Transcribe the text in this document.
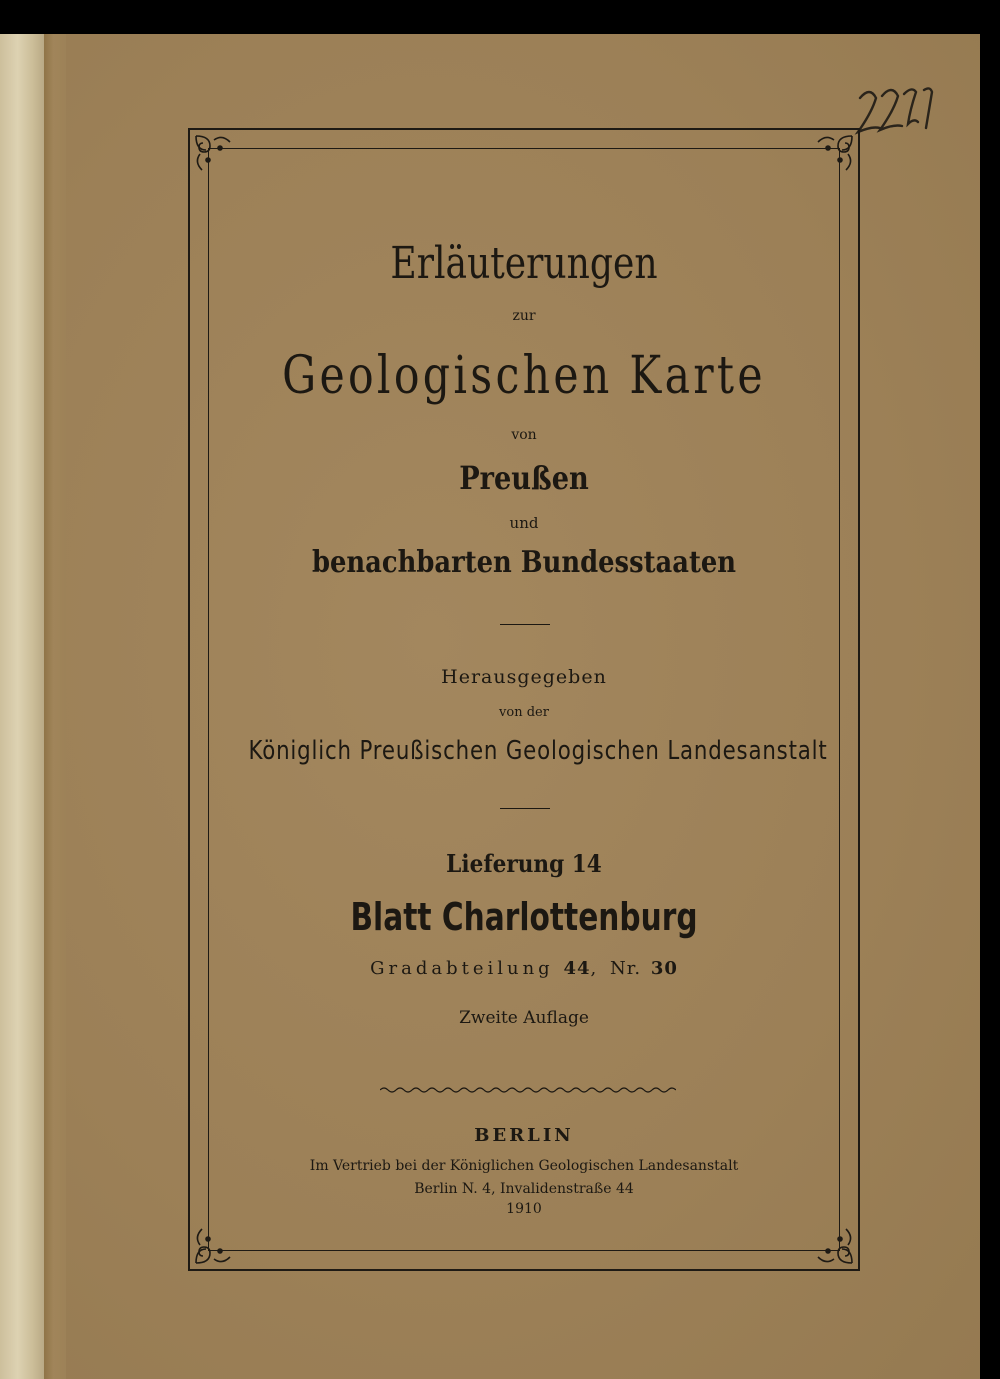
Erläuterungen

zur

Geologischen Karte

von

Preußen

und

benachbarten Bundesstaaten

Herausgegeben

von der

Königlich Preußischen Geologischen Landesanstalt

Lieferung 14

Blatt Charlottenburg

Gradabteilung 44, Nr. 30

Zweite Auflage

BERLIN

Im Vertrieb bei der Königlichen Geologischen Landesanstalt

Berlin N. 4, Invalidenstraße 44

1910
